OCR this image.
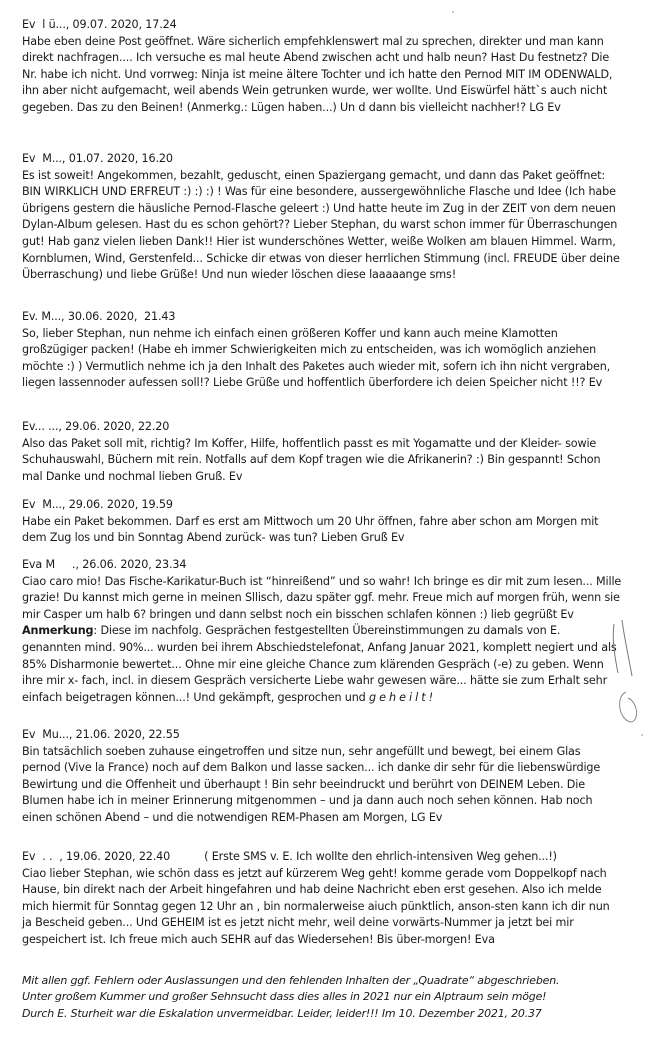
Ev  l ü..., 09.07. 2020, 17.24
Habe eben deine Post geöffnet. Wäre sicherlich empfehklenswert mal zu sprechen, direkter und man kann direkt nachfragen.... Ich versuche es mal heute Abend zwischen acht und halb neun? Hast Du festnetz? Die Nr. habe ich nicht. Und vorrweg: Ninja ist meine ältere Tochter und ich hatte den Pernod MIT IM ODENWALD, ihn aber nicht aufgemacht, weil abends Wein getrunken wurde, wer wollte. Und Eiswürfel hätt`s auch nicht gegeben. Das zu den Beinen! (Anmerkg.: Lügen haben...) Un d dann bis vielleicht nachher!? LG Ev
Ev  M..., 01.07. 2020, 16.20
Es ist soweit! Angekommen, bezahlt, geduscht, einen Spaziergang gemacht, und dann das Paket geöffnet: BIN WIRKLICH UND ERFREUT :) :) :) ! Was für eine besondere, aussergewöhnliche Flasche und Idee (Ich habe übrigens gestern die häusliche Pernod-Flasche geleert :) Und hatte heute im Zug in der ZEIT von dem neuen Dylan-Album gelesen. Hast du es schon gehört?? Lieber Stephan, du warst schon immer für Überraschungen gut! Hab ganz vielen lieben Dank!! Hier ist wunderschönes Wetter, weiße Wolken am blauen Himmel. Warm, Kornblumen, Wind, Gerstenfeld... Schicke dir etwas von dieser herrlichen Stimmung (incl. FREUDE über deine Überraschung) und liebe Grüße! Und nun wieder löschen diese laaaaange sms!
Ev. M..., 30.06. 2020,  21.43
So, lieber Stephan, nun nehme ich einfach einen größeren Koffer und kann auch meine Klamotten großzügiger packen! (Habe eh immer Schwierigkeiten mich zu entscheiden, was ich womöglich anziehen möchte :) ) Vermutlich nehme ich ja den Inhalt des Paketes auch wieder mit, sofern ich ihn nicht vergraben, liegen lassennoder aufessen soll!? Liebe Grüße und hoffentlich überfordere ich deien Speicher nicht !!? Ev
Ev... ..., 29.06. 2020, 22.20
Also das Paket soll mit, richtig? Im Koffer, Hilfe, hoffentlich passt es mit Yogamatte und der Kleider- sowie Schuhauswahl, Büchern mit rein. Notfalls auf dem Kopf tragen wie die Afrikanerin? :) Bin gespannt! Schon mal Danke und nochmal lieben Gruß. Ev
Ev  M..., 29.06. 2020, 19.59
Habe ein Paket bekommen. Darf es erst am Mittwoch um 20 Uhr öffnen, fahre aber schon am Morgen mit dem Zug los und bin Sonntag Abend zurück- was tun? Lieben Gruß Ev
Eva M     ., 26.06. 2020, 23.34
Ciao caro mio! Das Fische-Karikatur-Buch ist “hinreißend” und so wahr! Ich bringe es dir mit zum lesen... Mille grazie! Du kannst mich gerne in meinen Sllisch, dazu später ggf. mehr. Freue mich auf morgen früh, wenn sie mir Casper um halb 6? bringen und dann selbst noch ein bisschen schlafen können :) lieb gegrüßt Ev
Anmerkung: Diese im nachfolg. Gesprächen festgestellten Übereinstimmungen zu damals von E. genannten mind. 90%... wurden bei ihrem Abschiedstelefonat, Anfang Januar 2021, komplett negiert und als 85% Disharmonie bewertet... Ohne mir eine gleiche Chance zum klärenden Gespräch (-e) zu geben. Wenn ihre mir x- fach, incl. in diesem Gespräch versicherte Liebe wahr gewesen wäre... hätte sie zum Erhalt sehr einfach beigetragen können...! Und gekämpft, gesprochen und geheilt!
Ev  Mu..., 21.06. 2020, 22.55
Bin tatsächlich soeben zuhause eingetroffen und sitze nun, sehr angefüllt und bewegt, bei einem Glas pernod (Vive la France) noch auf dem Balkon und lasse sacken... ich danke dir sehr für die liebenswürdige Bewirtung und die Offenheit und überhaupt ! Bin sehr beeindruckt und berührt von DEINEM Leben. Die Blumen habe ich in meiner Erinnerung mitgenommen – und ja dann auch noch sehen können. Hab noch einen schönen Abend – und die notwendigen REM-Phasen am Morgen, LG Ev
Ev  . .  , 19.06. 2020, 22.40	( Erste SMS v. E. Ich wollte den ehrlich-intensiven Weg gehen...!)
Ciao lieber Stephan, wie schön dass es jetzt auf kürzerem Weg geht! komme gerade vom Doppelkopf nach Hause, bin direkt nach der Arbeit hingefahren und hab deine Nachricht eben erst gesehen. Also ich melde mich hiermit für Sonntag gegen 12 Uhr an , bin normalerweise aiuch pünktlich, anson-sten kann ich dir nun ja Bescheid geben... Und GEHEIM ist es jetzt nicht mehr, weil deine vorwärts-Nummer ja jetzt bei mir gespeichert ist. Ich freue mich auch SEHR auf das Wiedersehen! Bis über-morgen! Eva
Mit allen ggf. Fehlern oder Auslassungen und den fehlenden Inhalten der „Quadrate“ abgeschrieben.
Unter großem Kummer und großer Sehnsucht dass dies alles in 2021 nur ein Alptraum sein möge!
Durch E. Sturheit war die Eskalation unvermeidbar. Leider, leider!!! Im 10. Dezember 2021, 20.37
